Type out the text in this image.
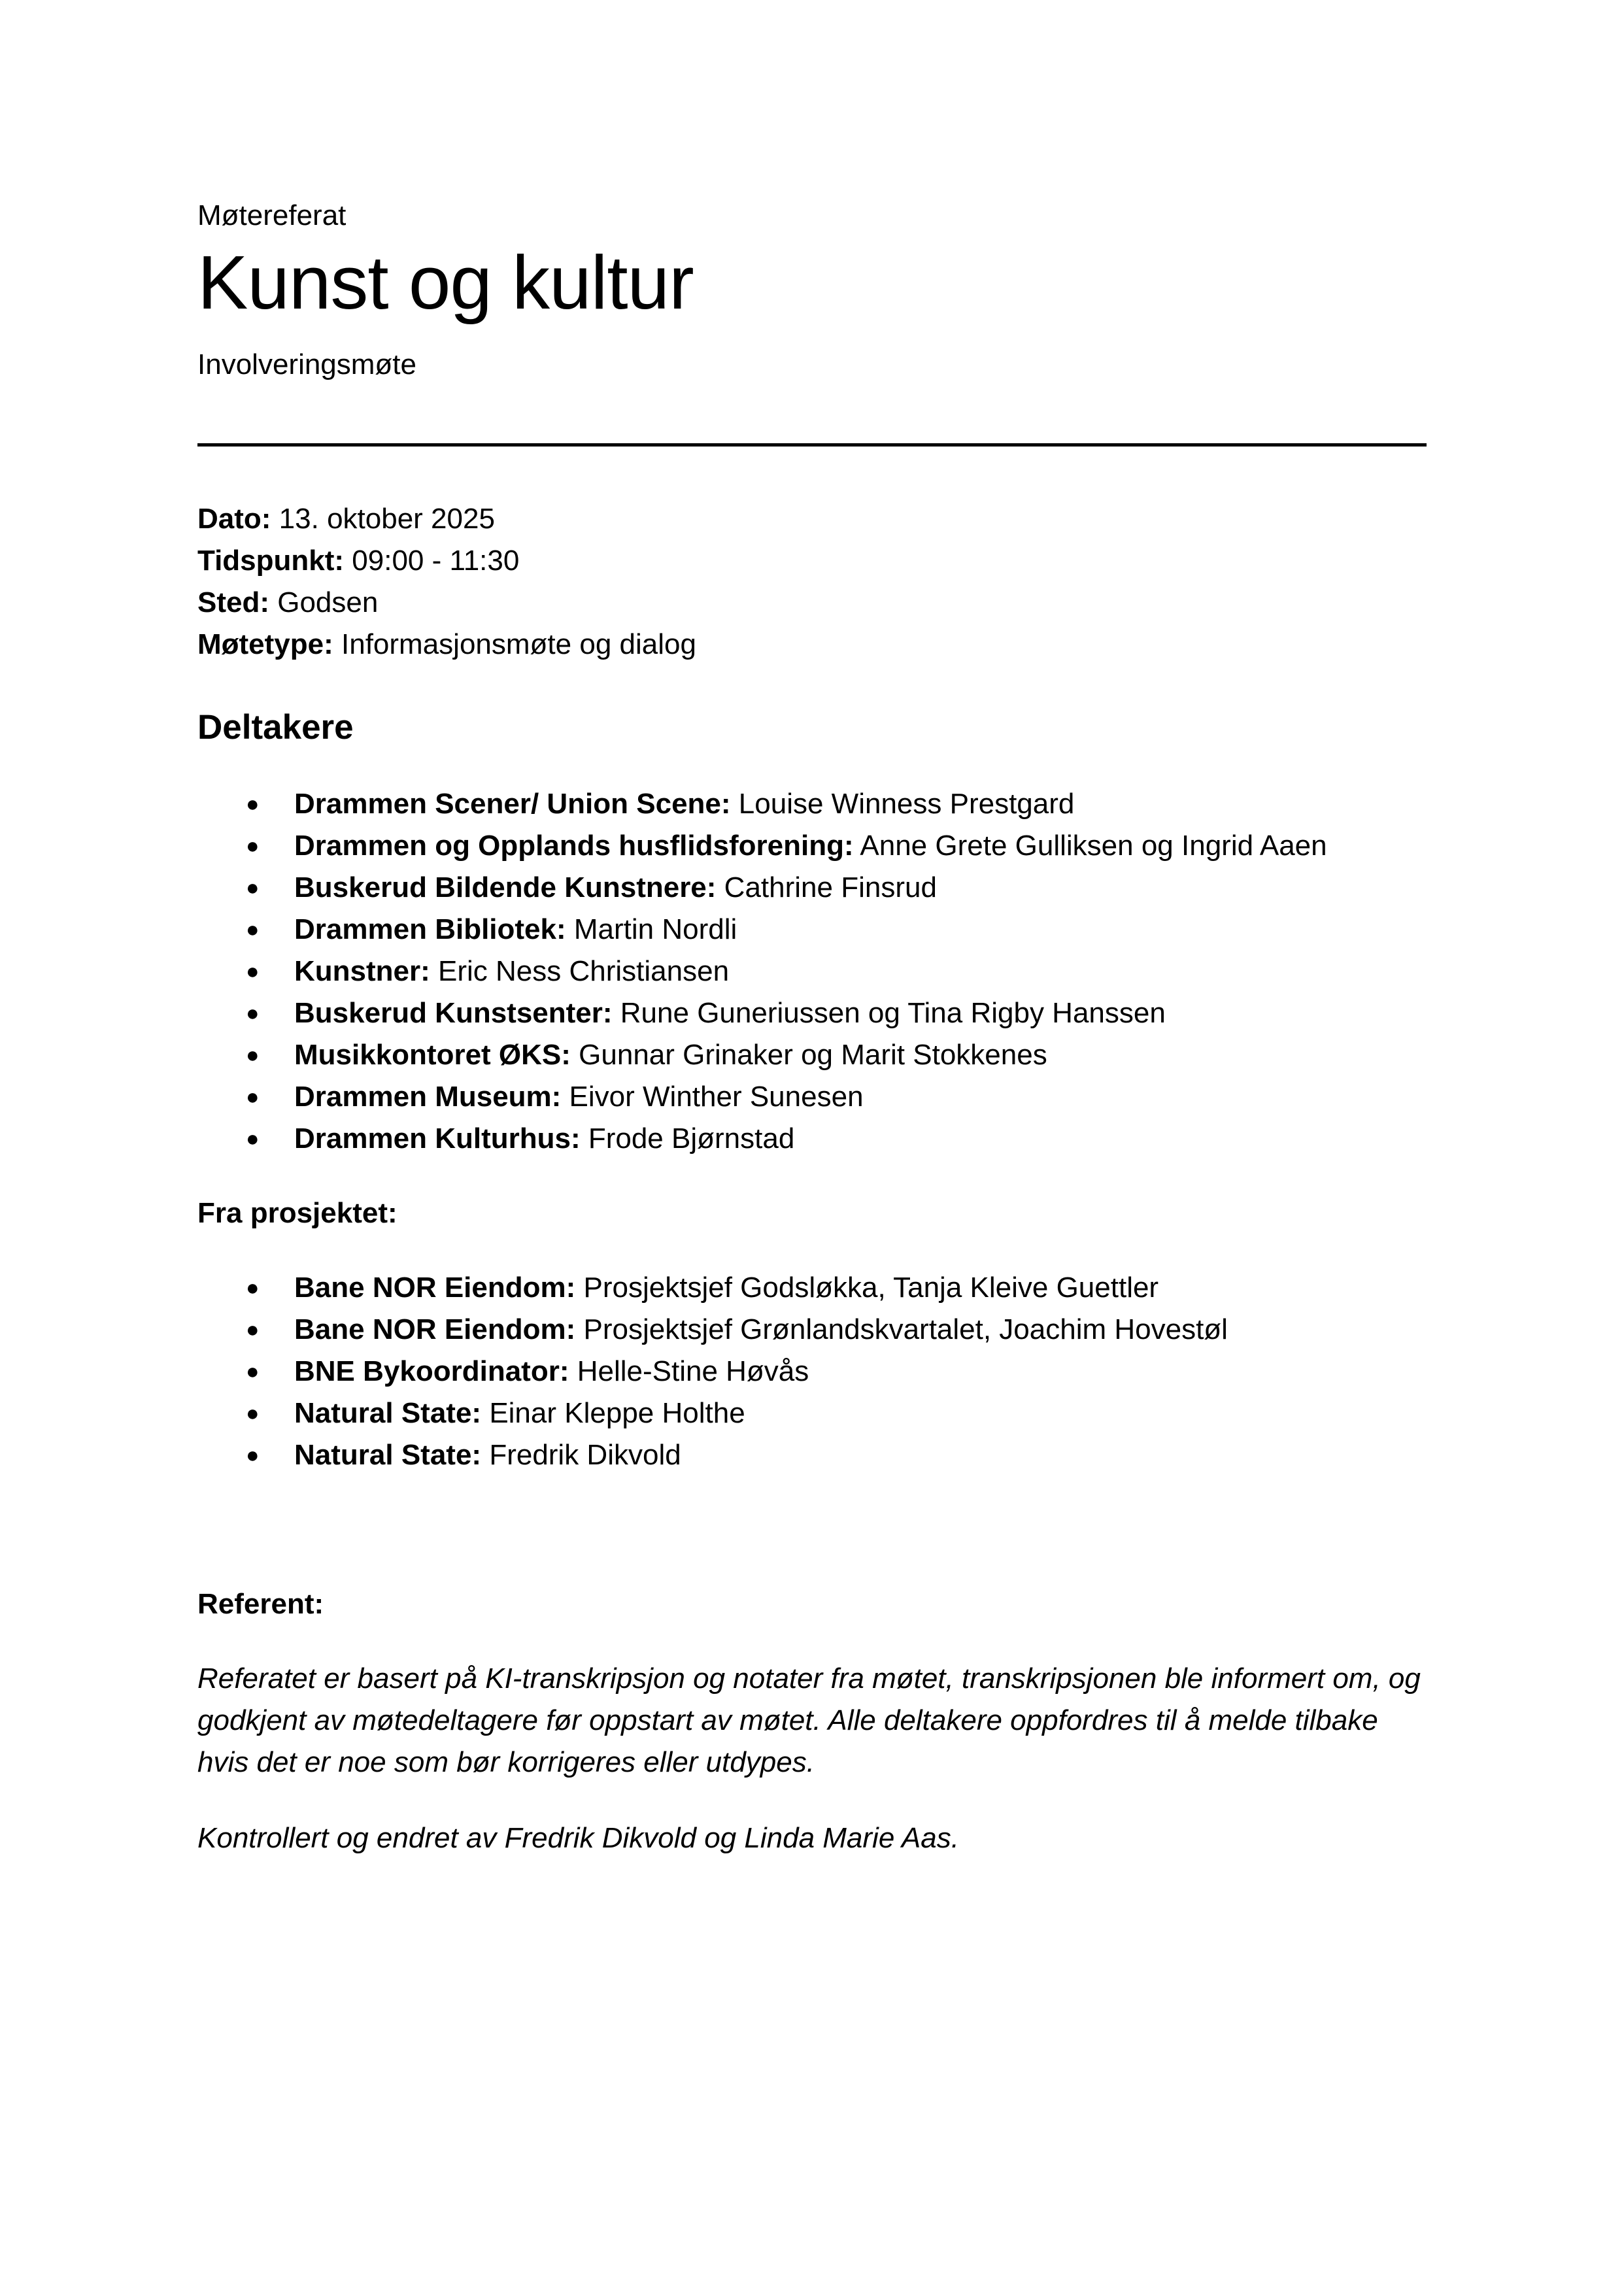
Møtereferat
Kunst og kultur
Involveringsmøte
Dato: 13. oktober 2025
Tidspunkt: 09:00 - 11:30
Sted: Godsen
Møtetype: Informasjonsmøte og dialog
Deltakere
● Drammen Scener/ Union Scene: Louise Winness Prestgard
● Drammen og Opplands husflidsforening: Anne Grete Gulliksen og Ingrid Aaen
● Buskerud Bildende Kunstnere: Cathrine Finsrud
● Drammen Bibliotek: Martin Nordli
● Kunstner: Eric Ness Christiansen
● Buskerud Kunstsenter: Rune Guneriussen og Tina Rigby Hanssen
● Musikkontoret ØKS: Gunnar Grinaker og Marit Stokkenes
● Drammen Museum: Eivor Winther Sunesen
● Drammen Kulturhus: Frode Bjørnstad
Fra prosjektet:
● Bane NOR Eiendom: Prosjektsjef Godsløkka, Tanja Kleive Guettler
● Bane NOR Eiendom: Prosjektsjef Grønlandskvartalet, Joachim Hovestøl
● BNE Bykoordinator: Helle-Stine Høvås
● Natural State: Einar Kleppe Holthe
● Natural State: Fredrik Dikvold
Referent:

Referatet er basert på KI-transkripsjon og notater fra møtet, transkripsjonen ble informert om, og godkjent av møtedeltagere før oppstart av møtet. Alle deltakere oppfordres til å melde tilbake hvis det er noe som bør korrigeres eller utdypes.

Kontrollert og endret av Fredrik Dikvold og Linda Marie Aas.
